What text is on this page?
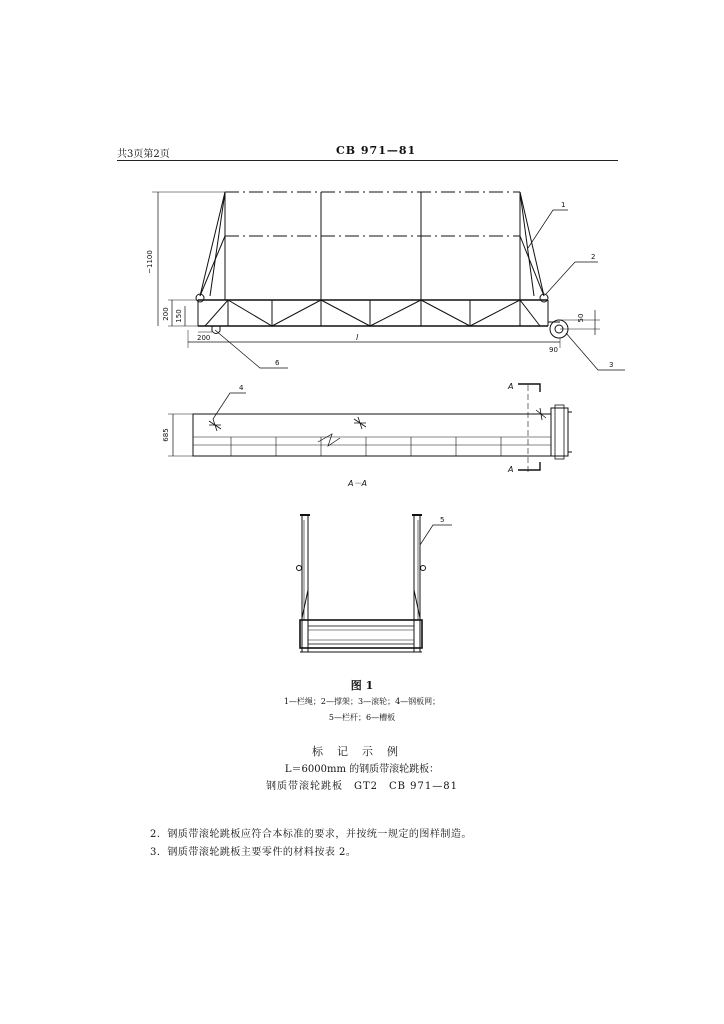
共3页第2页	CB 971—81
~1100
200 150
200	l
50
90
1
2
3
6
685
4	A
A
A－A
5
图 1
1—栏绳；2—撑架；3—滚轮；4—钢板网；
5—栏杆；6—槽板
标记示例
L＝6000mm 的钢质带滚轮跳板：
钢质带滚轮跳板　GT2　CB 971—81
2．钢质带滚轮跳板应符合本标准的要求，并按统一规定的图样制造。
3．钢质带滚轮跳板主要零件的材料按表 2。
